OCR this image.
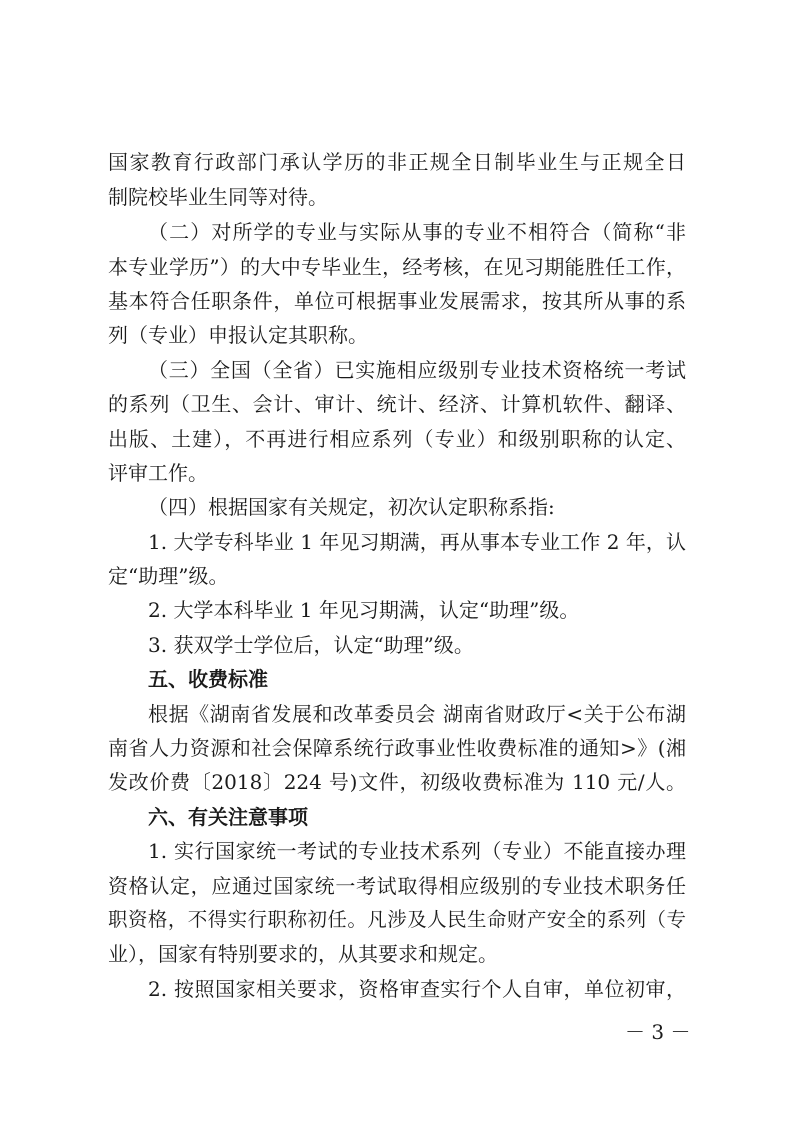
国家教育行政部门承认学历的非正规全日制毕业生与正规全日
制院校毕业生同等对待。
（二）对所学的专业与实际从事的专业不相符合（简称“非
本专业学历”）的大中专毕业生，经考核，在见习期能胜任工作，
基本符合任职条件，单位可根据事业发展需求，按其所从事的系
列（专业）申报认定其职称。
（三）全国（全省）已实施相应级别专业技术资格统一考试
的系列（卫生、会计、审计、统计、经济、计算机软件、翻译、
出版、土建），不再进行相应系列（专业）和级别职称的认定、
评审工作。
（四）根据国家有关规定，初次认定职称系指:
1. 大学专科毕业 1 年见习期满，再从事本专业工作 2 年，认
定“助理”级。
2. 大学本科毕业 1 年见习期满，认定“助理”级。
3. 获双学士学位后，认定“助理”级。
五、收费标准
根据《湖南省发展和改革委员会 湖南省财政厅<关于公布湖
南省人力资源和社会保障系统行政事业性收费标准的通知>》(湘
发改价费〔2018〕224 号)文件，初级收费标准为 110 元/人。
六、有关注意事项
1. 实行国家统一考试的专业技术系列（专业）不能直接办理
资格认定，应通过国家统一考试取得相应级别的专业技术职务任
职资格，不得实行职称初任。凡涉及人民生命财产安全的系列（专
业），国家有特别要求的，从其要求和规定。
2. 按照国家相关要求，资格审查实行个人自审，单位初审，
－ 3 －
